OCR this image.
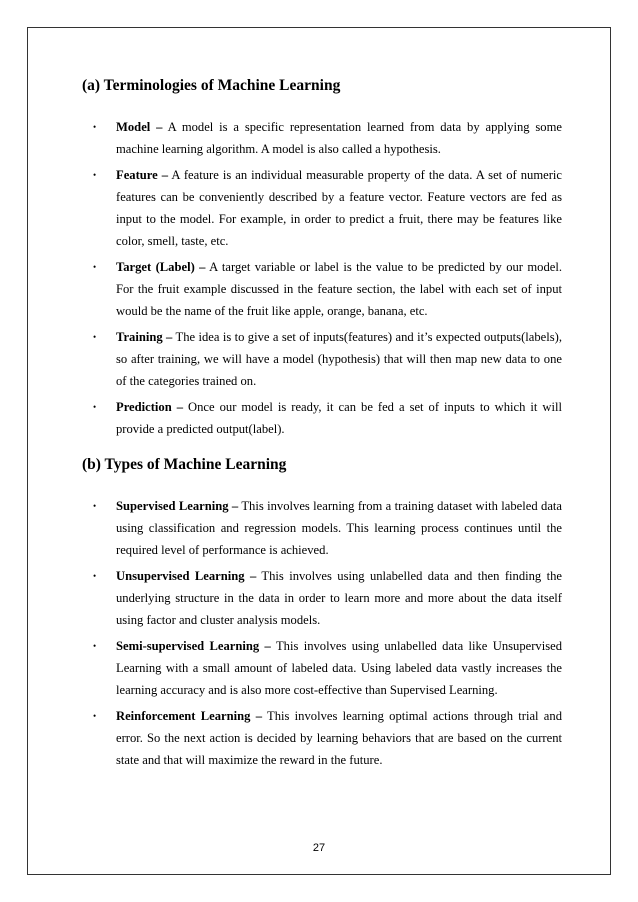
(a) Terminologies of Machine Learning
• Model – A model is a specific representation learned from data by applying some machine learning algorithm. A model is also called a hypothesis.
• Feature – A feature is an individual measurable property of the data. A set of numeric features can be conveniently described by a feature vector. Feature vectors are fed as input to the model. For example, in order to predict a fruit, there may be features like color, smell, taste, etc.
• Target (Label) – A target variable or label is the value to be predicted by our model. For the fruit example discussed in the feature section, the label with each set of input would be the name of the fruit like apple, orange, banana, etc.
• Training – The idea is to give a set of inputs(features) and it’s expected outputs(labels), so after training, we will have a model (hypothesis) that will then map new data to one of the categories trained on.
• Prediction – Once our model is ready, it can be fed a set of inputs to which it will provide a predicted output(label).
(b) Types of Machine Learning
• Supervised Learning – This involves learning from a training dataset with labeled data using classification and regression models. This learning process continues until the required level of performance is achieved.
• Unsupervised Learning – This involves using unlabelled data and then finding the underlying structure in the data in order to learn more and more about the data itself using factor and cluster analysis models.
• Semi-supervised Learning – This involves using unlabelled data like Unsupervised Learning with a small amount of labeled data. Using labeled data vastly increases the learning accuracy and is also more cost-effective than Supervised Learning.
• Reinforcement Learning – This involves learning optimal actions through trial and error. So the next action is decided by learning behaviors that are based on the current state and that will maximize the reward in the future.
27
